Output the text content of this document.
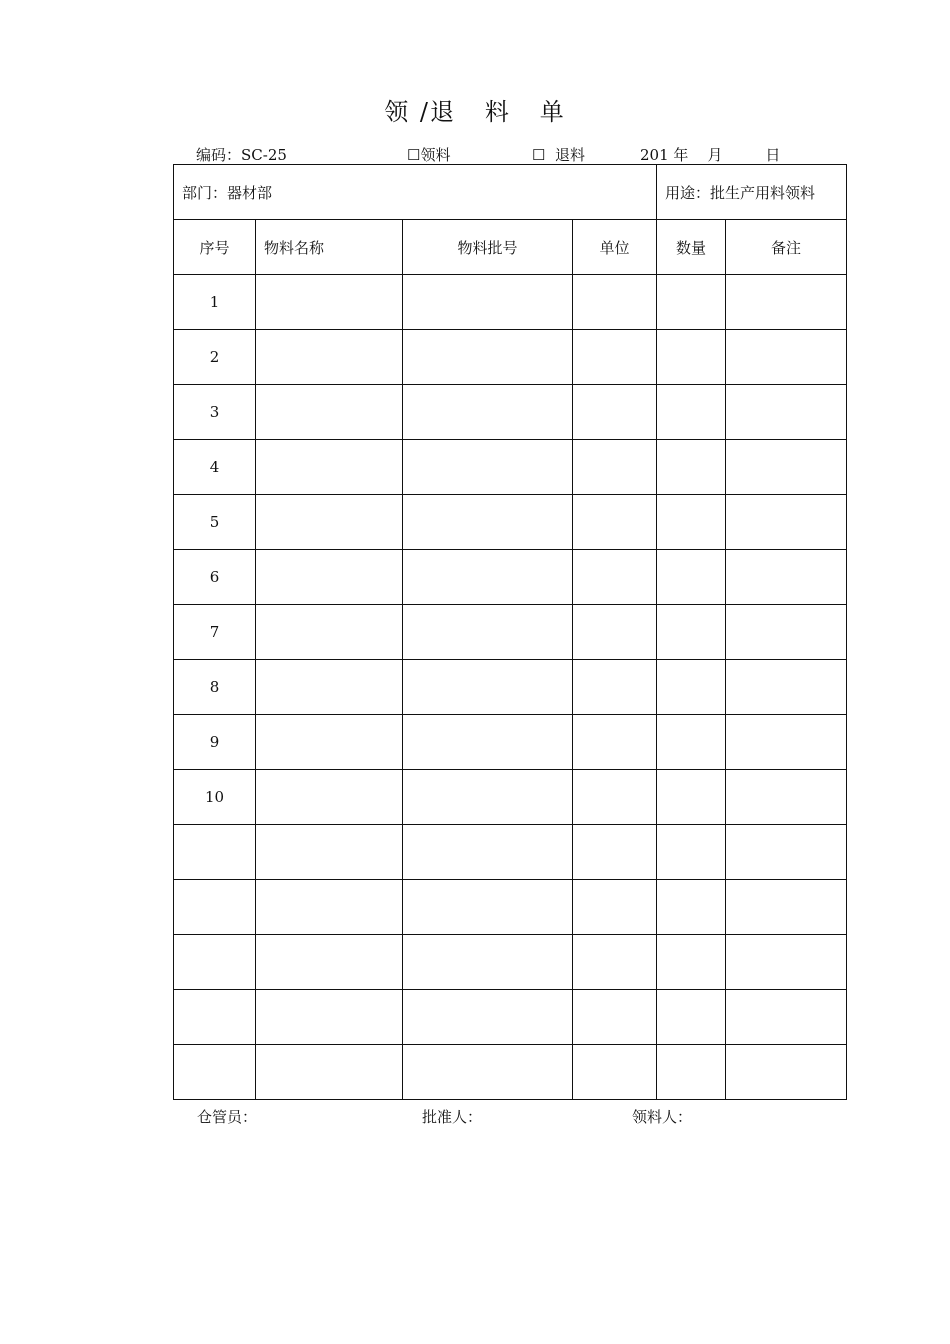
领 /退   料   单
编码：SC-25	☐领料	☐  退料	201 年    月         日
部门：器材部				用途：批生产用料领料	
序号	物料名称	物料批号	单位	数量	备注
1					
2					
3					
4					
5					
6					
7					
8					
9					
10					

仓管员：	批准人：	领料人：
